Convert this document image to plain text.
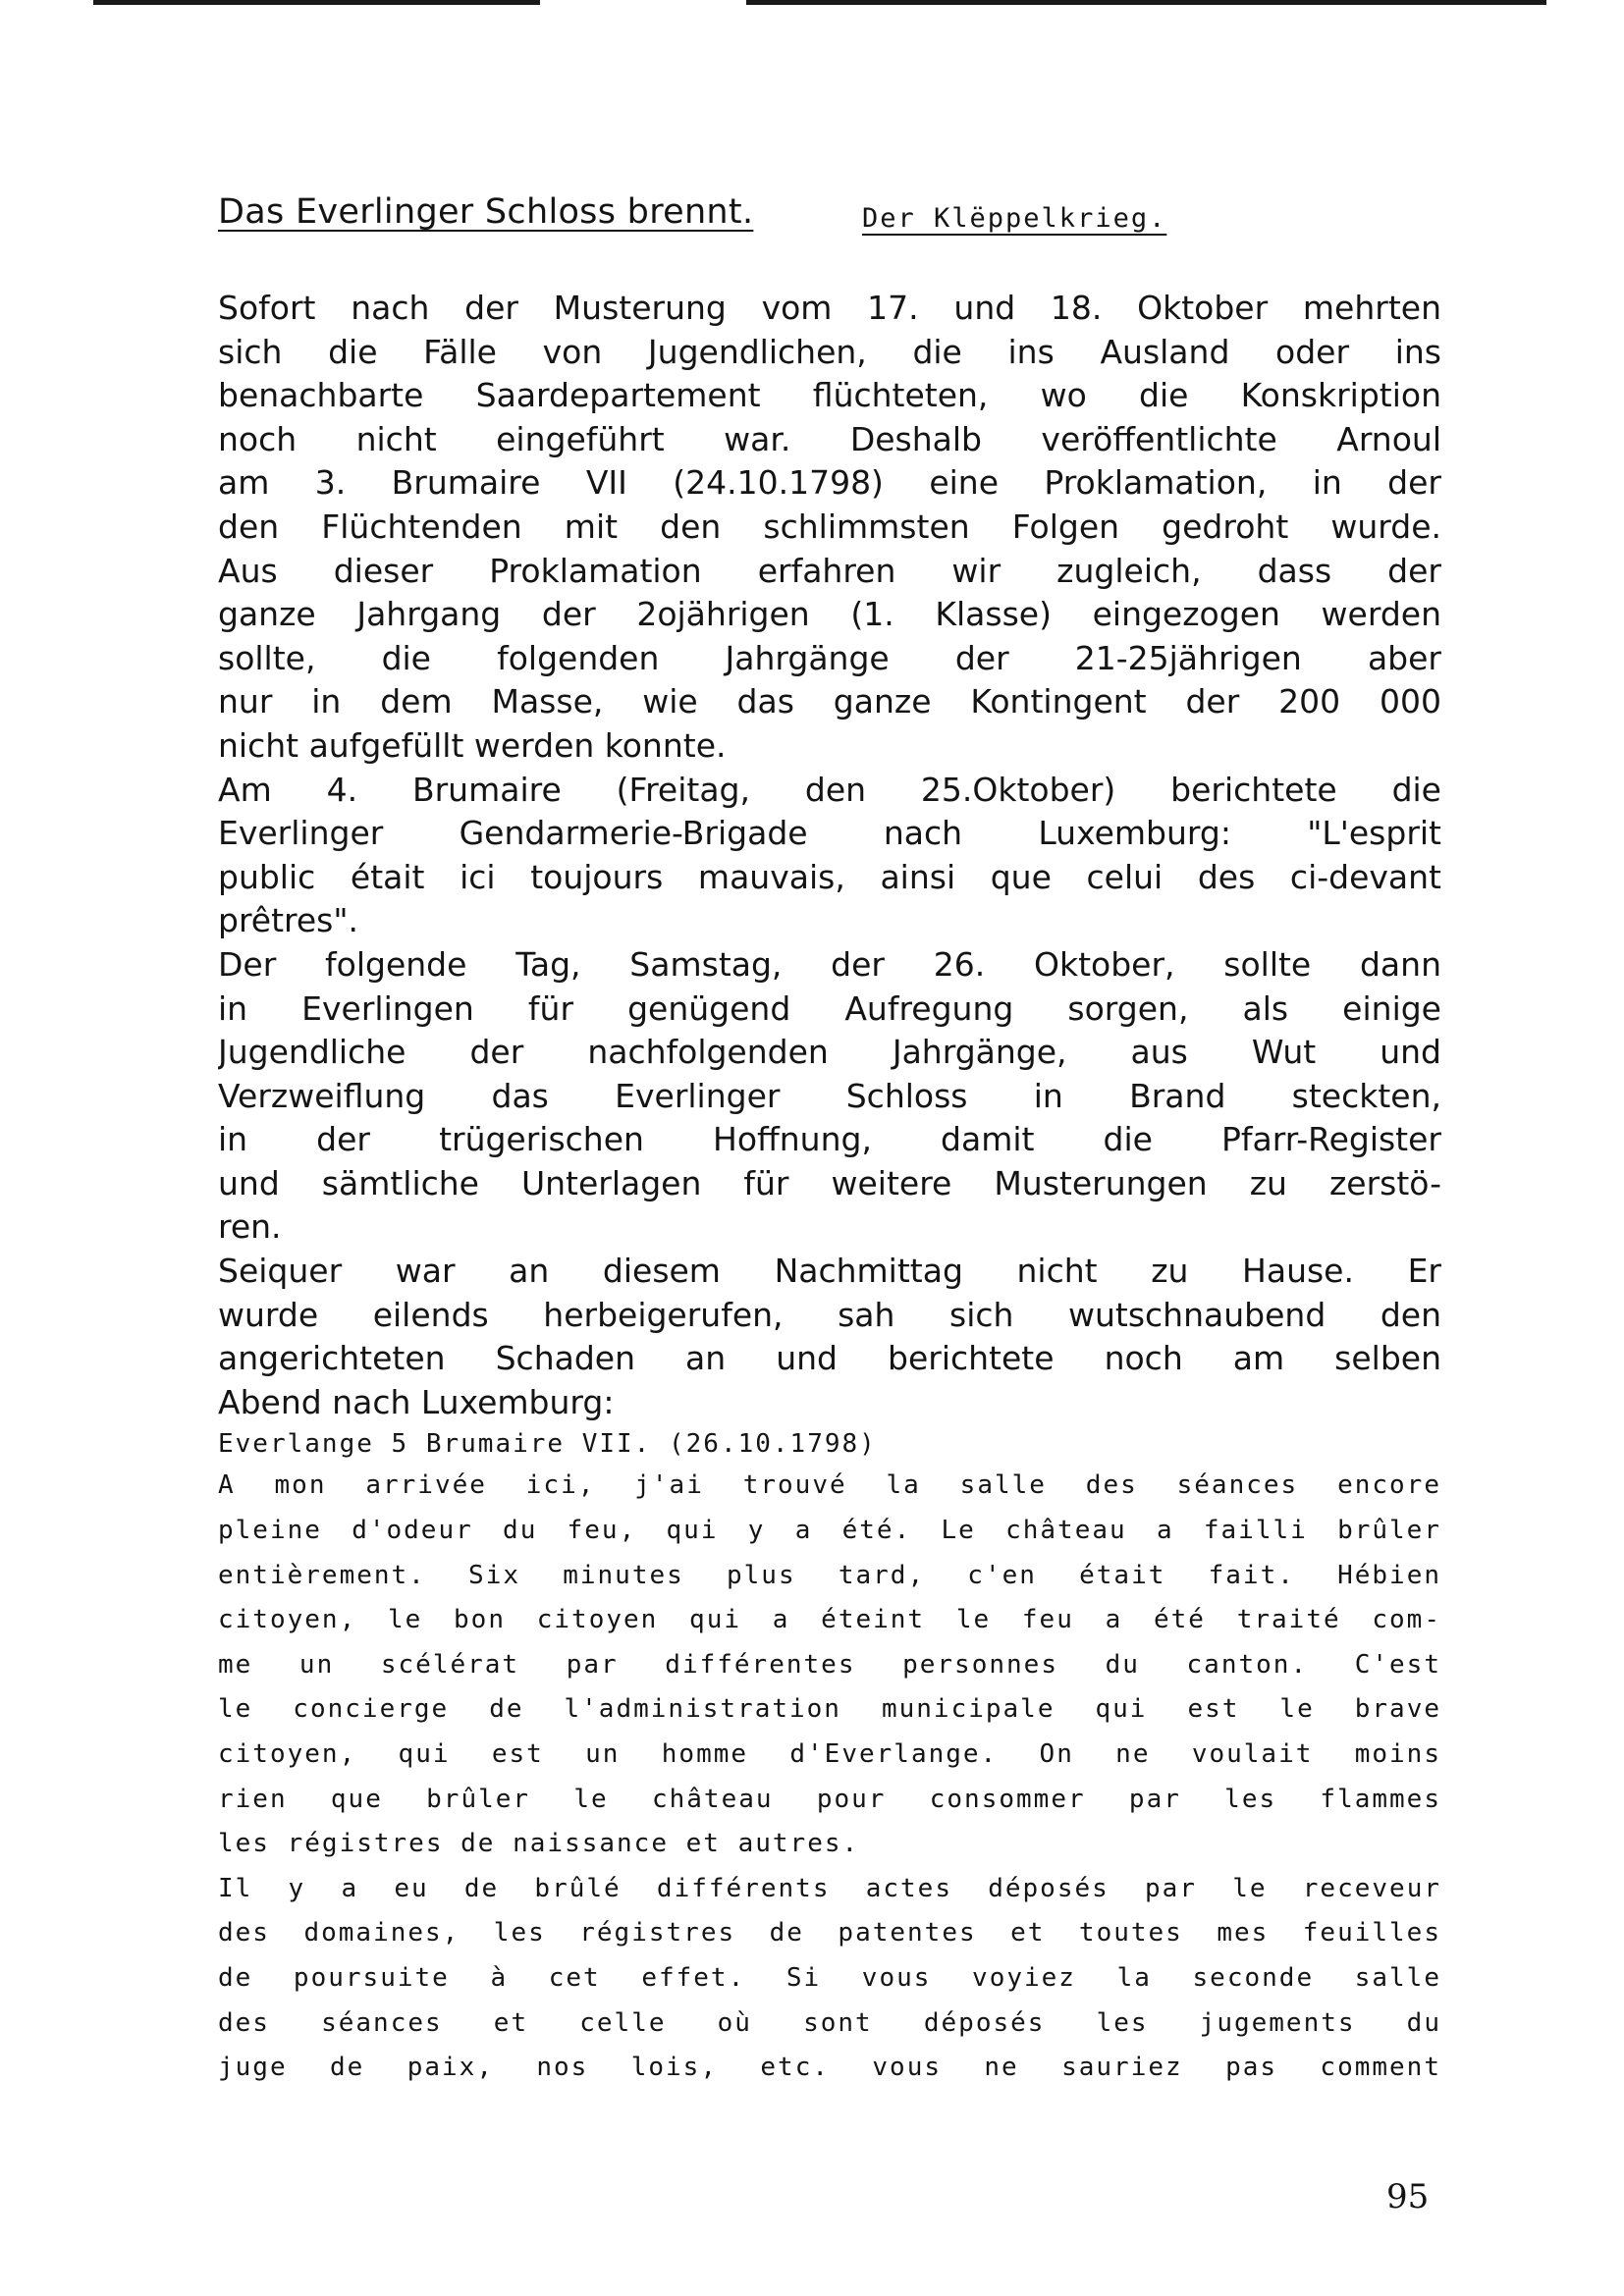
Das Everlinger Schloss brennt.	Der Klëppelkrieg.
Sofort nach der Musterung vom 17. und 18. Oktober mehrten
sich die Fälle von Jugendlichen, die ins Ausland oder ins
benachbarte Saardepartement flüchteten, wo die Konskription
noch nicht eingeführt war. Deshalb veröffentlichte Arnoul
am 3. Brumaire VII (24.10.1798) eine Proklamation, in der
den Flüchtenden mit den schlimmsten Folgen gedroht wurde.
Aus dieser Proklamation erfahren wir zugleich, dass der
ganze Jahrgang der 2ojährigen (1. Klasse) eingezogen werden
sollte, die folgenden Jahrgänge der 21-25jährigen aber
nur in dem Masse, wie das ganze Kontingent der 200 000
nicht aufgefüllt werden konnte.
Am 4. Brumaire (Freitag, den 25.Oktober) berichtete die
Everlinger Gendarmerie-Brigade nach Luxemburg: "L'esprit
public était ici toujours mauvais, ainsi que celui des ci-devant
prêtres".
Der folgende Tag, Samstag, der 26. Oktober, sollte dann
in Everlingen für genügend Aufregung sorgen, als einige
Jugendliche der nachfolgenden Jahrgänge, aus Wut und
Verzweiflung das Everlinger Schloss in Brand steckten,
in der trügerischen Hoffnung, damit die Pfarr-Register
und sämtliche Unterlagen für weitere Musterungen zu zerstö-
ren.
Seiquer war an diesem Nachmittag nicht zu Hause. Er
wurde eilends herbeigerufen, sah sich wutschnaubend den
angerichteten Schaden an und berichtete noch am selben
Abend nach Luxemburg:
Everlange 5 Brumaire VII. (26.10.1798)
A mon arrivée ici, j'ai trouvé la salle des séances encore
pleine d'odeur du feu, qui y a été. Le château a failli brûler
entièrement. Six minutes plus tard, c'en était fait. Hébien
citoyen, le bon citoyen qui a éteint le feu a été traité com-
me un scélérat par différentes personnes du canton. C'est
le concierge de l'administration municipale qui est le brave
citoyen, qui est un homme d'Everlange. On ne voulait moins
rien que brûler le château pour consommer par les flammes
les régistres de naissance et autres.
Il y a eu de brûlé différents actes déposés par le receveur
des domaines, les régistres de patentes et toutes mes feuilles
de poursuite à cet effet. Si vous voyiez la seconde salle
des séances et celle où sont déposés les jugements du
juge de paix, nos lois, etc. vous ne sauriez pas comment
95
